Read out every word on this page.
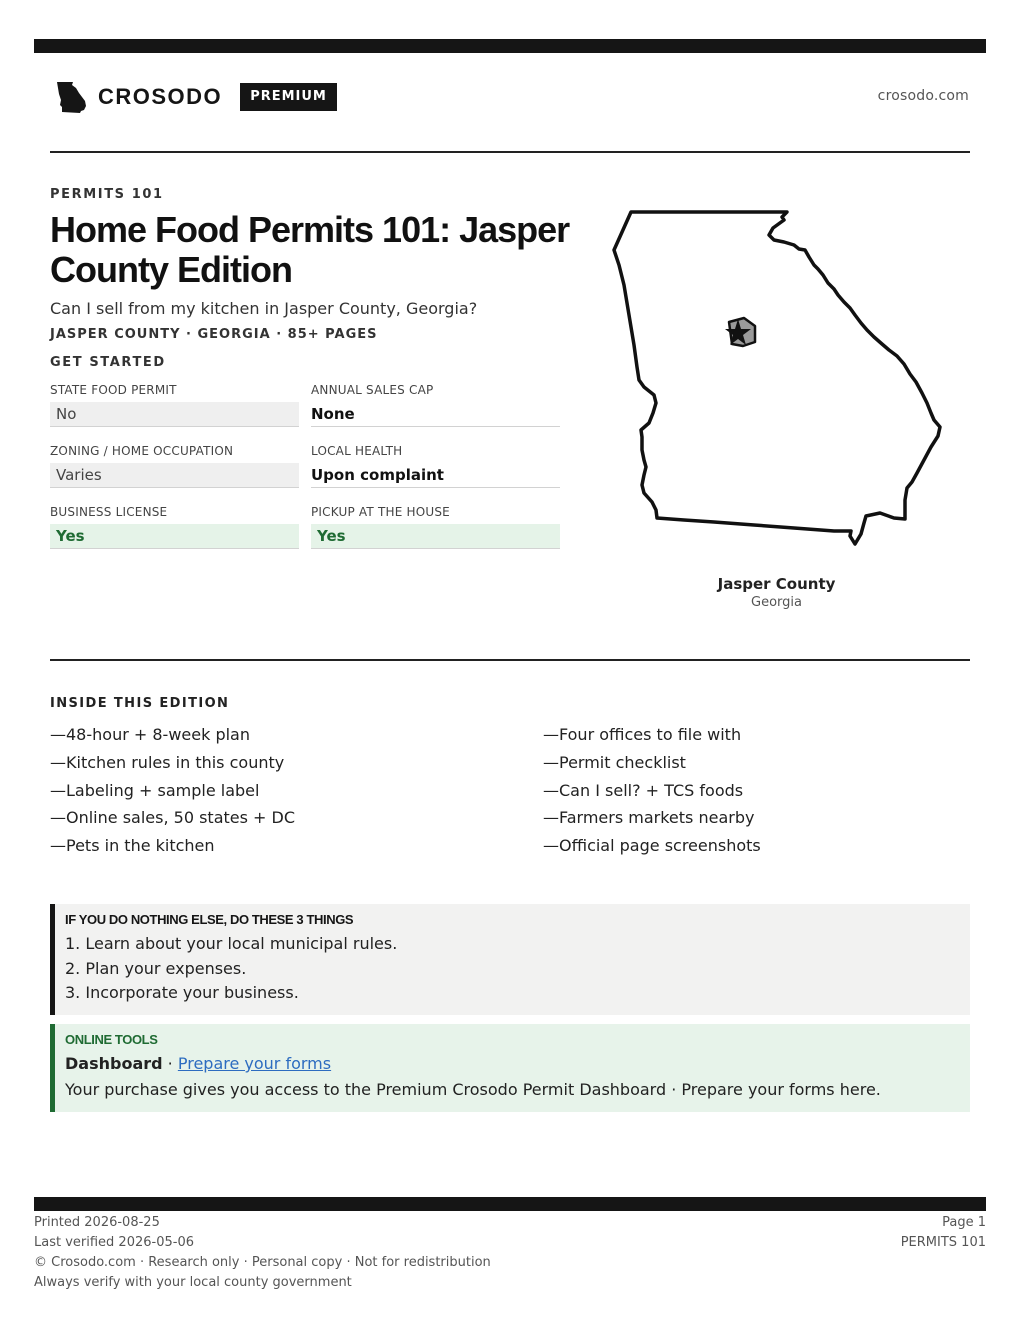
CROSODO	PREMIUM	crosodo.com
PERMITS 101
Home Food Permits 101: Jasper County Edition
Can I sell from my kitchen in Jasper County, Georgia?
JASPER COUNTY · GEORGIA · 85+ PAGES
GET STARTED
STATE FOOD PERMIT
No
ANNUAL SALES CAP
None
ZONING / HOME OCCUPATION
Varies
LOCAL HEALTH
Upon complaint
BUSINESS LICENSE
Yes
PICKUP AT THE HOUSE
Yes
Jasper County
Georgia
INSIDE THIS EDITION
—48-hour + 8-week plan
—Kitchen rules in this county
—Labeling + sample label
—Online sales, 50 states + DC
—Pets in the kitchen
—Four offices to file with
—Permit checklist
—Can I sell? + TCS foods
—Farmers markets nearby
—Official page screenshots
IF YOU DO NOTHING ELSE, DO THESE 3 THINGS
1. Learn about your local municipal rules.
2. Plan your expenses.
3. Incorporate your business.
ONLINE TOOLS
Dashboard · Prepare your forms
Your purchase gives you access to the Premium Crosodo Permit Dashboard · Prepare your forms here.
Printed 2026-08-25
Last verified 2026-05-06
© Crosodo.com · Research only · Personal copy · Not for redistribution
Always verify with your local county government
Page 1
PERMITS 101
